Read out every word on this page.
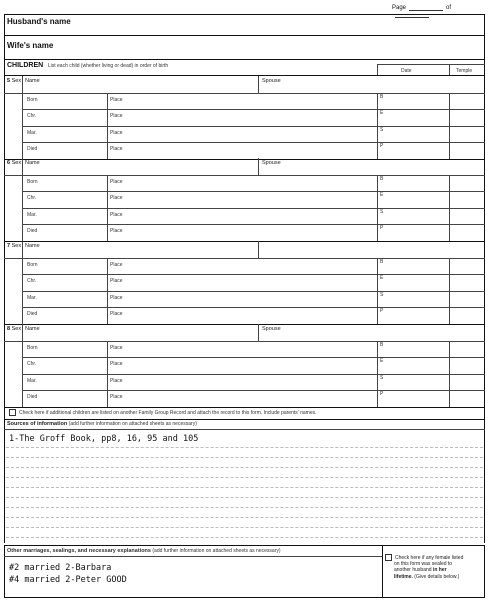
Page	of
Husband's name
Wife's name
CHILDREN List each child (whether living or dead) in order of birth
Date	Temple
5 Sex Name	Spouse
Born	Place	B
Chr.	Place	E
Mar.	Place	S
Died	Place	P
6 Sex Name	Spouse
Born	Place	B
Chr.	Place	E
Mar.	Place	S
Died	Place	P
7 Sex Name
Born	Place	B
Chr.	Place	E
Mar.	Place	S
Died	Place	P
8 Sex Name	Spouse
Born	Place	B
Chr.	Place	E
Mar.	Place	S
Died	Place	P
Check here if additional children are listed on another Family Group Record and attach the record to this form. Include parents' names.
Sources of information (add further information on attached sheets as necessary)
1-The Groff Book, pp8, 16, 95 and 105
Other marriages, sealings, and necessary explanations (add further information on attached sheets as necessary)
#2 married 2-Barbara
#4 married 2-Peter GOOD
Check here if any female listed
on this form was sealed to
another husband in her
lifetime. (Give details below.)
